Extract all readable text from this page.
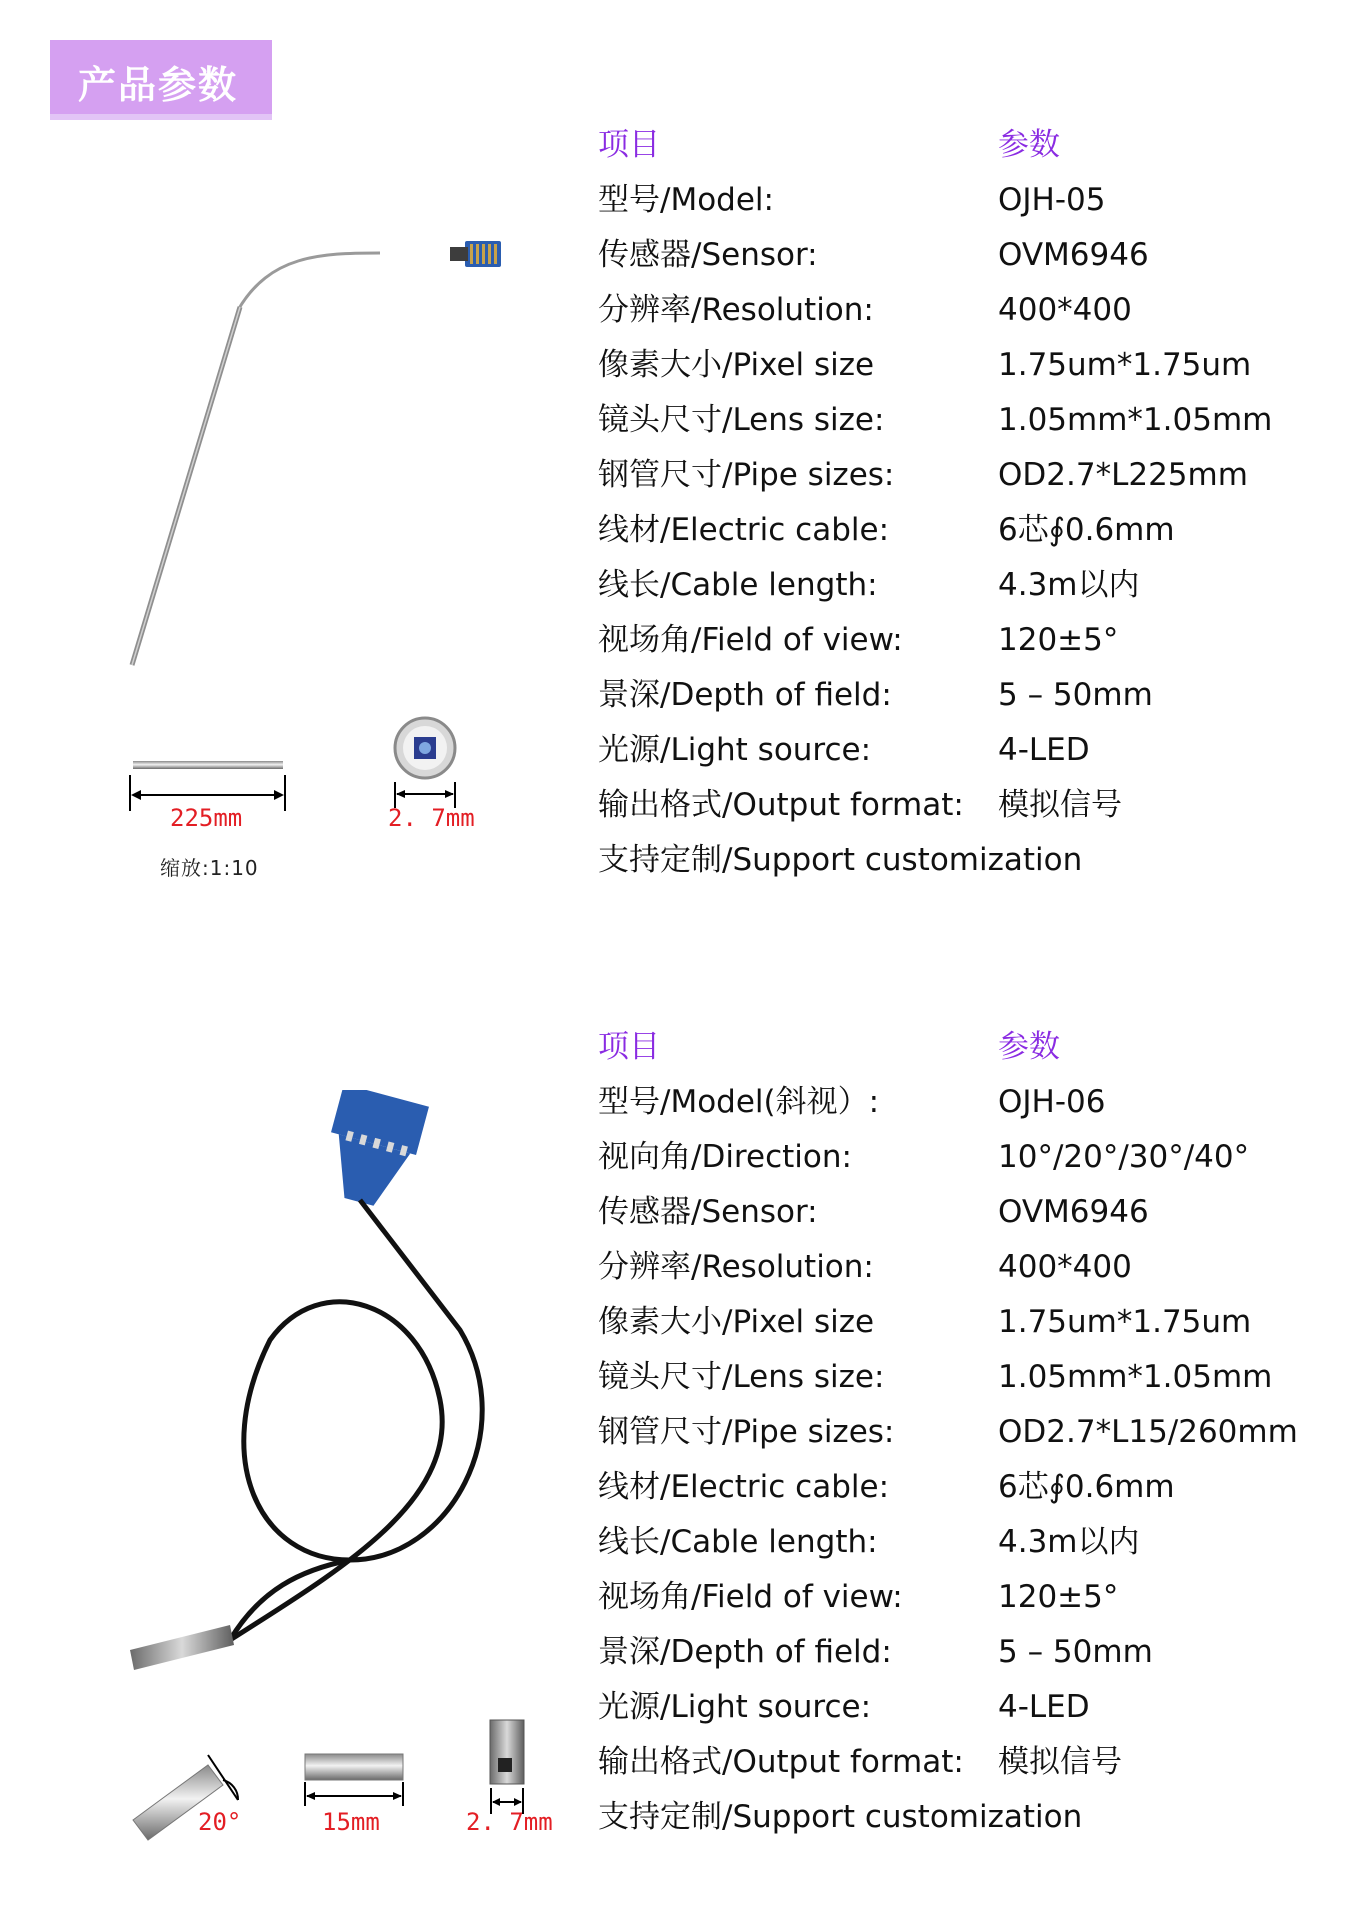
产品参数
225mm	2. 7mm
缩放:1:10
项目	参数
型号/Model:	OJH-05
传感器/Sensor:	OVM6946
分辨率/Resolution:	400*400
像素大小/Pixel size	1.75um*1.75um
镜头尺寸/Lens size:	1.05mm*1.05mm
钢管尺寸/Pipe sizes:	OD2.7*L225mm
线材/Electric cable:	6芯∮0.6mm
线长/Cable length:	4.3m以内
视场角/Field of view:	120±5°
景深/Depth of field:	5 – 50mm
光源/Light source:	4-LED
输出格式/Output format: 模拟信号
支持定制/Support customization
20°	15mm	2. 7mm
项目	参数
型号/Model(斜视）:	OJH-06
视向角/Direction:	10°/20°/30°/40°
传感器/Sensor:	OVM6946
分辨率/Resolution:	400*400
像素大小/Pixel size	1.75um*1.75um
镜头尺寸/Lens size:	1.05mm*1.05mm
钢管尺寸/Pipe sizes:	OD2.7*L15/260mm
线材/Electric cable:	6芯∮0.6mm
线长/Cable length:	4.3m以内
视场角/Field of view:	120±5°
景深/Depth of field:	5 – 50mm
光源/Light source:	4-LED
输出格式/Output format: 模拟信号
支持定制/Support customization
